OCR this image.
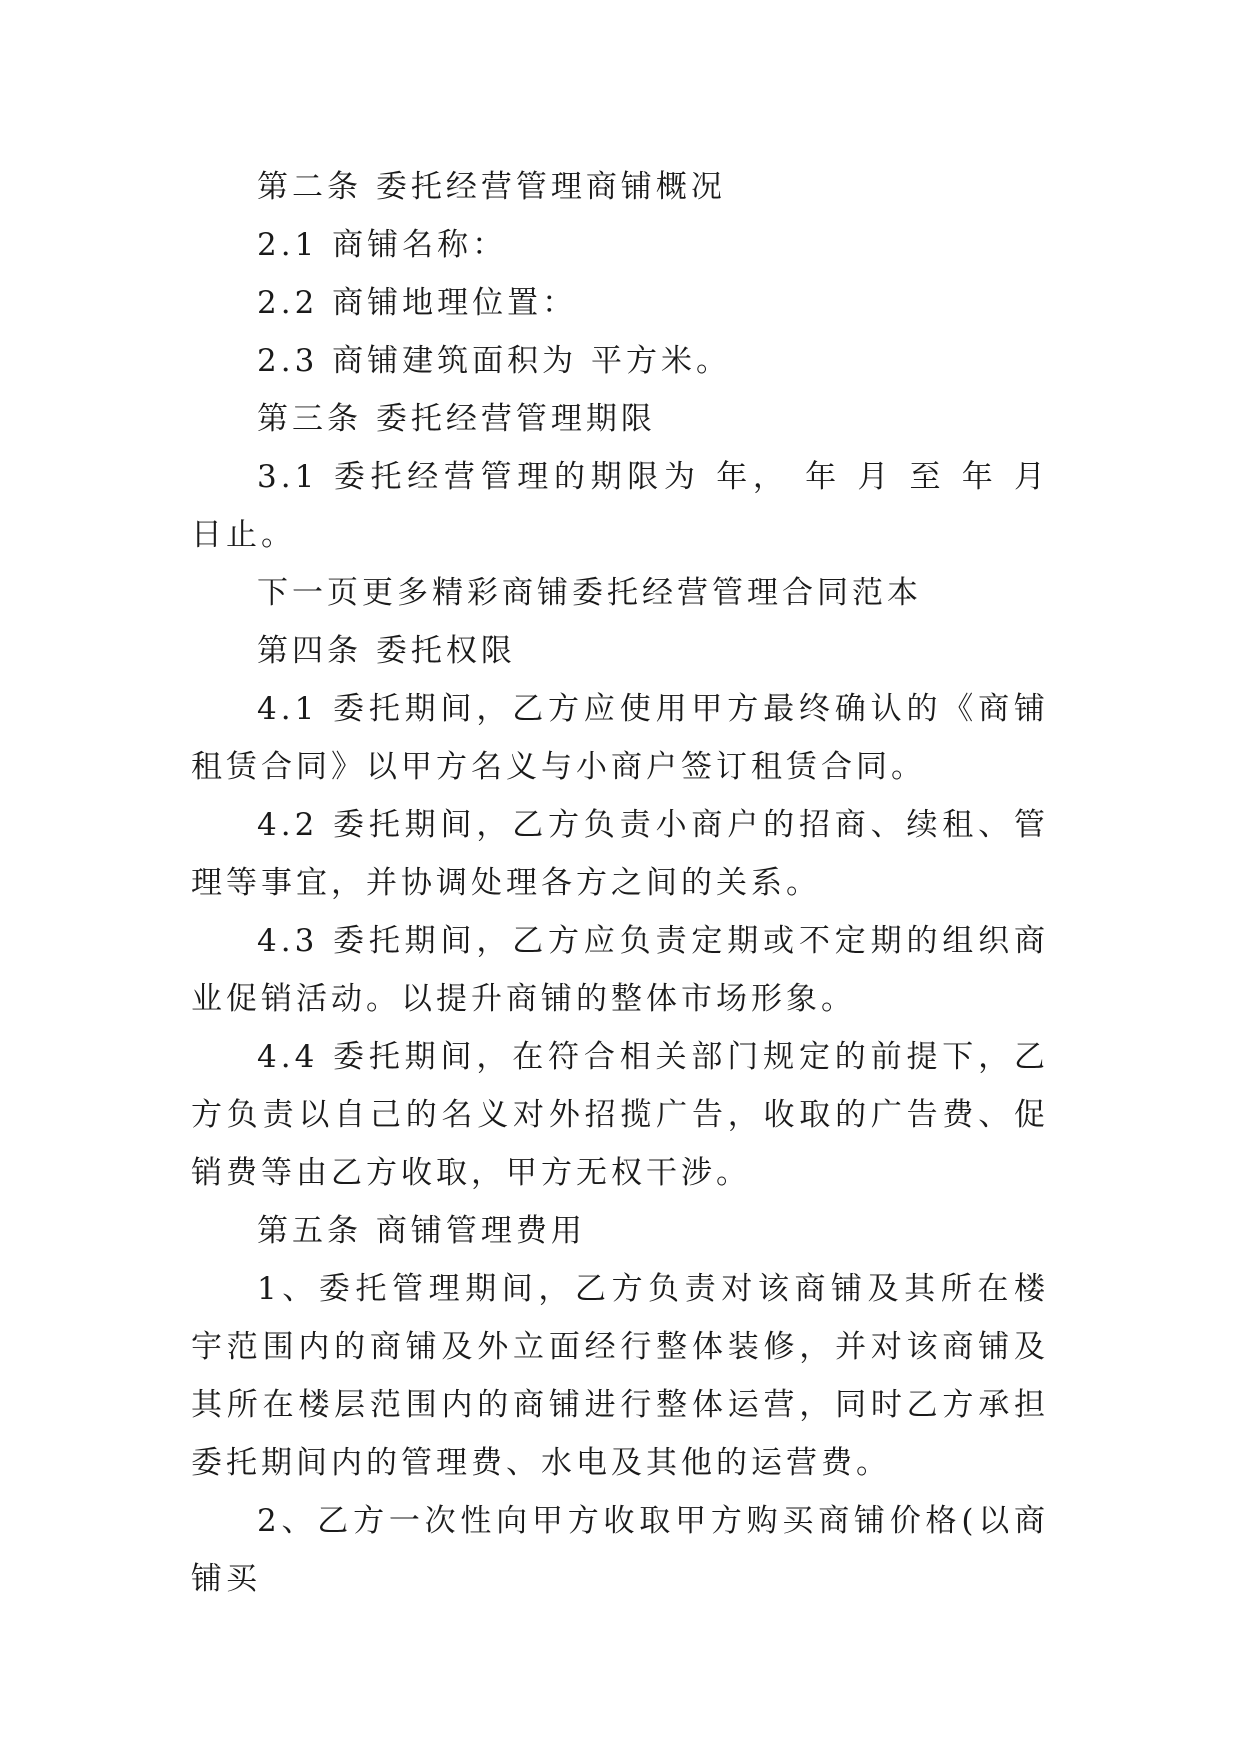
第二条 委托经营管理商铺概况

2.1 商铺名称：

2.2 商铺地理位置：

2.3 商铺建筑面积为 平方米。

第三条 委托经营管理期限

3.1 委托经营管理的期限为 年， 年 月 至 年 月 日止。

下一页更多精彩商铺委托经营管理合同范本

第四条 委托权限

4.1 委托期间，乙方应使用甲方最终确认的《商铺租赁合同》以甲方名义与小商户签订租赁合同。

4.2 委托期间，乙方负责小商户的招商、续租、管理等事宜，并协调处理各方之间的关系。

4.3 委托期间，乙方应负责定期或不定期的组织商业促销活动。以提升商铺的整体市场形象。

4.4 委托期间，在符合相关部门规定的前提下，乙方负责以自己的名义对外招揽广告，收取的广告费、促销费等由乙方收取，甲方无权干涉。

第五条 商铺管理费用

1、委托管理期间，乙方负责对该商铺及其所在楼宇范围内的商铺及外立面经行整体装修，并对该商铺及其所在楼层范围内的商铺进行整体运营，同时乙方承担委托期间内的管理费、水电及其他的运营费。

2、乙方一次性向甲方收取甲方购买商铺价格(以商铺买
